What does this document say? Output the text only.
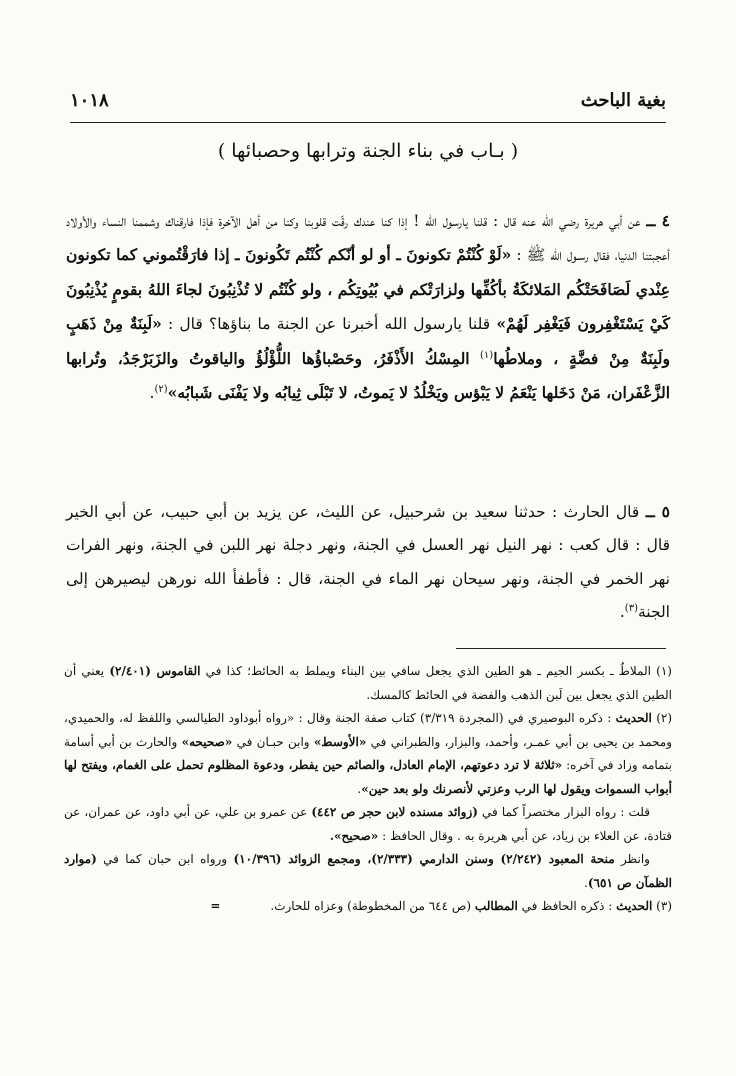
بغية الباحث
١٠١٨
( بـاب في بناء الجنة وترابها وحصبائها )

٤ ــ عن أبي هريرة رضي الله عنه قال : قلنا يارسول الله ! إذا كنا عندك رقّت قلوبنا وكنا من أهل الآخرة فإذا فارقناك وشممنا النساء والأولاد أعجبتنا الدنيا، فقال رسـول الله ﷺ : «لَوْ كُنْتُمْ تكونونَ ـ أو لو أنّكم كُنْتُم تَكُونونَ ـ إذا فارَقْتُموني كما تكونون عِنْدي لَصَافَحَتْكُم المَلائكَةُ بأكُفِّها ولزارَتْكم في بُيُوتِكُم ، ولو كُنْتُم لا تُذْنِبُونَ لجاءَ اللهُ بقومٍ يُذْنِبُونَ كَيْ يَسْتَغْفِرون فَيَغْفِر لَهُمْ» قلنا يارسول الله أخبرنا عن الجنة ما بناؤها؟ قال : «لَبِنَةٌ مِنْ ذَهَبٍ ولَبِنَةٌ مِنْ فضَّةٍ ، وملاطُها$^{(١)}$ المِسْكُ الأَذْفَرُ، وحَصْباؤُها اللُّؤْلُؤُ والياقوتُ والزَبَرْجَدُ، وتُرابها الزَّعْفَران، مَنْ دَخَلها يَنْعَمُ لا يَبْؤس ويَخْلُدُ لا يَموتُ، لا تَبْلَى ثِيابُه ولا يَفْنَى شَبابُه»$^{(٢)}$.

٥ ــ قال الحارث : حدثنا سعيد بن شرحبيل، عن الليث، عن يزيد بن أبي حبيب، عن أبي الخير قال : قال كعب : نهر النيل نهر العسل في الجنة، ونهر دجلة نهر اللبن في الجنة، ونهر الفرات نهر الخمر في الجنة، ونهر سيحان نهر الماء في الجنة، قال : فأطفأ الله نورهن ليصيرهن إلى الجنة$^{(٣)}$.

(١) الملاطُ ـ بكسر الجيم ـ هو الطين الذي يجعل سافي بين البناء ويملط به الحائط؛ كذا في القاموس (٢/٤٠١) يعني أن الطين الذي يجعل بين لَبن الذهب والفضة في الحائط كالمسك.

(٢) الحديث : ذكره البوصيري في (المجردة ٣/٣١٩) كتاب صفة الجنة وقال : «رواه أبوداود الطيالسي واللفظ له، والحميدي، ومحمد بن يحيى بن أبي عمـر، وأحمد، والبزار، والطبراني في «الأوسط» وابن حبـان في «صحيحه» والحارث بن أبي أسامة بتمامه وزاد في آخره: «ثلاثة لا ترد دعوتهم، الإمام العادل، والصائم حين يفطر، ودعوة المظلوم تحمل على الغمام، ويفتح لها أبواب السموات ويقول لها الرب وعزتي لأنصرنك ولو بعد حين».

قلت : رواه البزار مختصراً كما في (زوائد مسنده لابن حجر ص ٤٤٢) عن عمرو بن علي، عن أبي داود، عن عمران، عن قتادة، عن العلاء بن زياد، عن أبي هريرة به . وقال الحافظ : «صحيح».

وانظر منحة المعبود (٢/٢٤٢) وسنن الدارمي (٢/٣٣٣)، ومجمع الزوائد (١٠/٣٩٦) ورواه ابن حبان كما في (موارد الظمآن ص ٦٥١).

(٣) الحديث : ذكره الحافظ في المطالب (ص ٦٤٤ من المخطوطة) وعزاه للحارث.=
